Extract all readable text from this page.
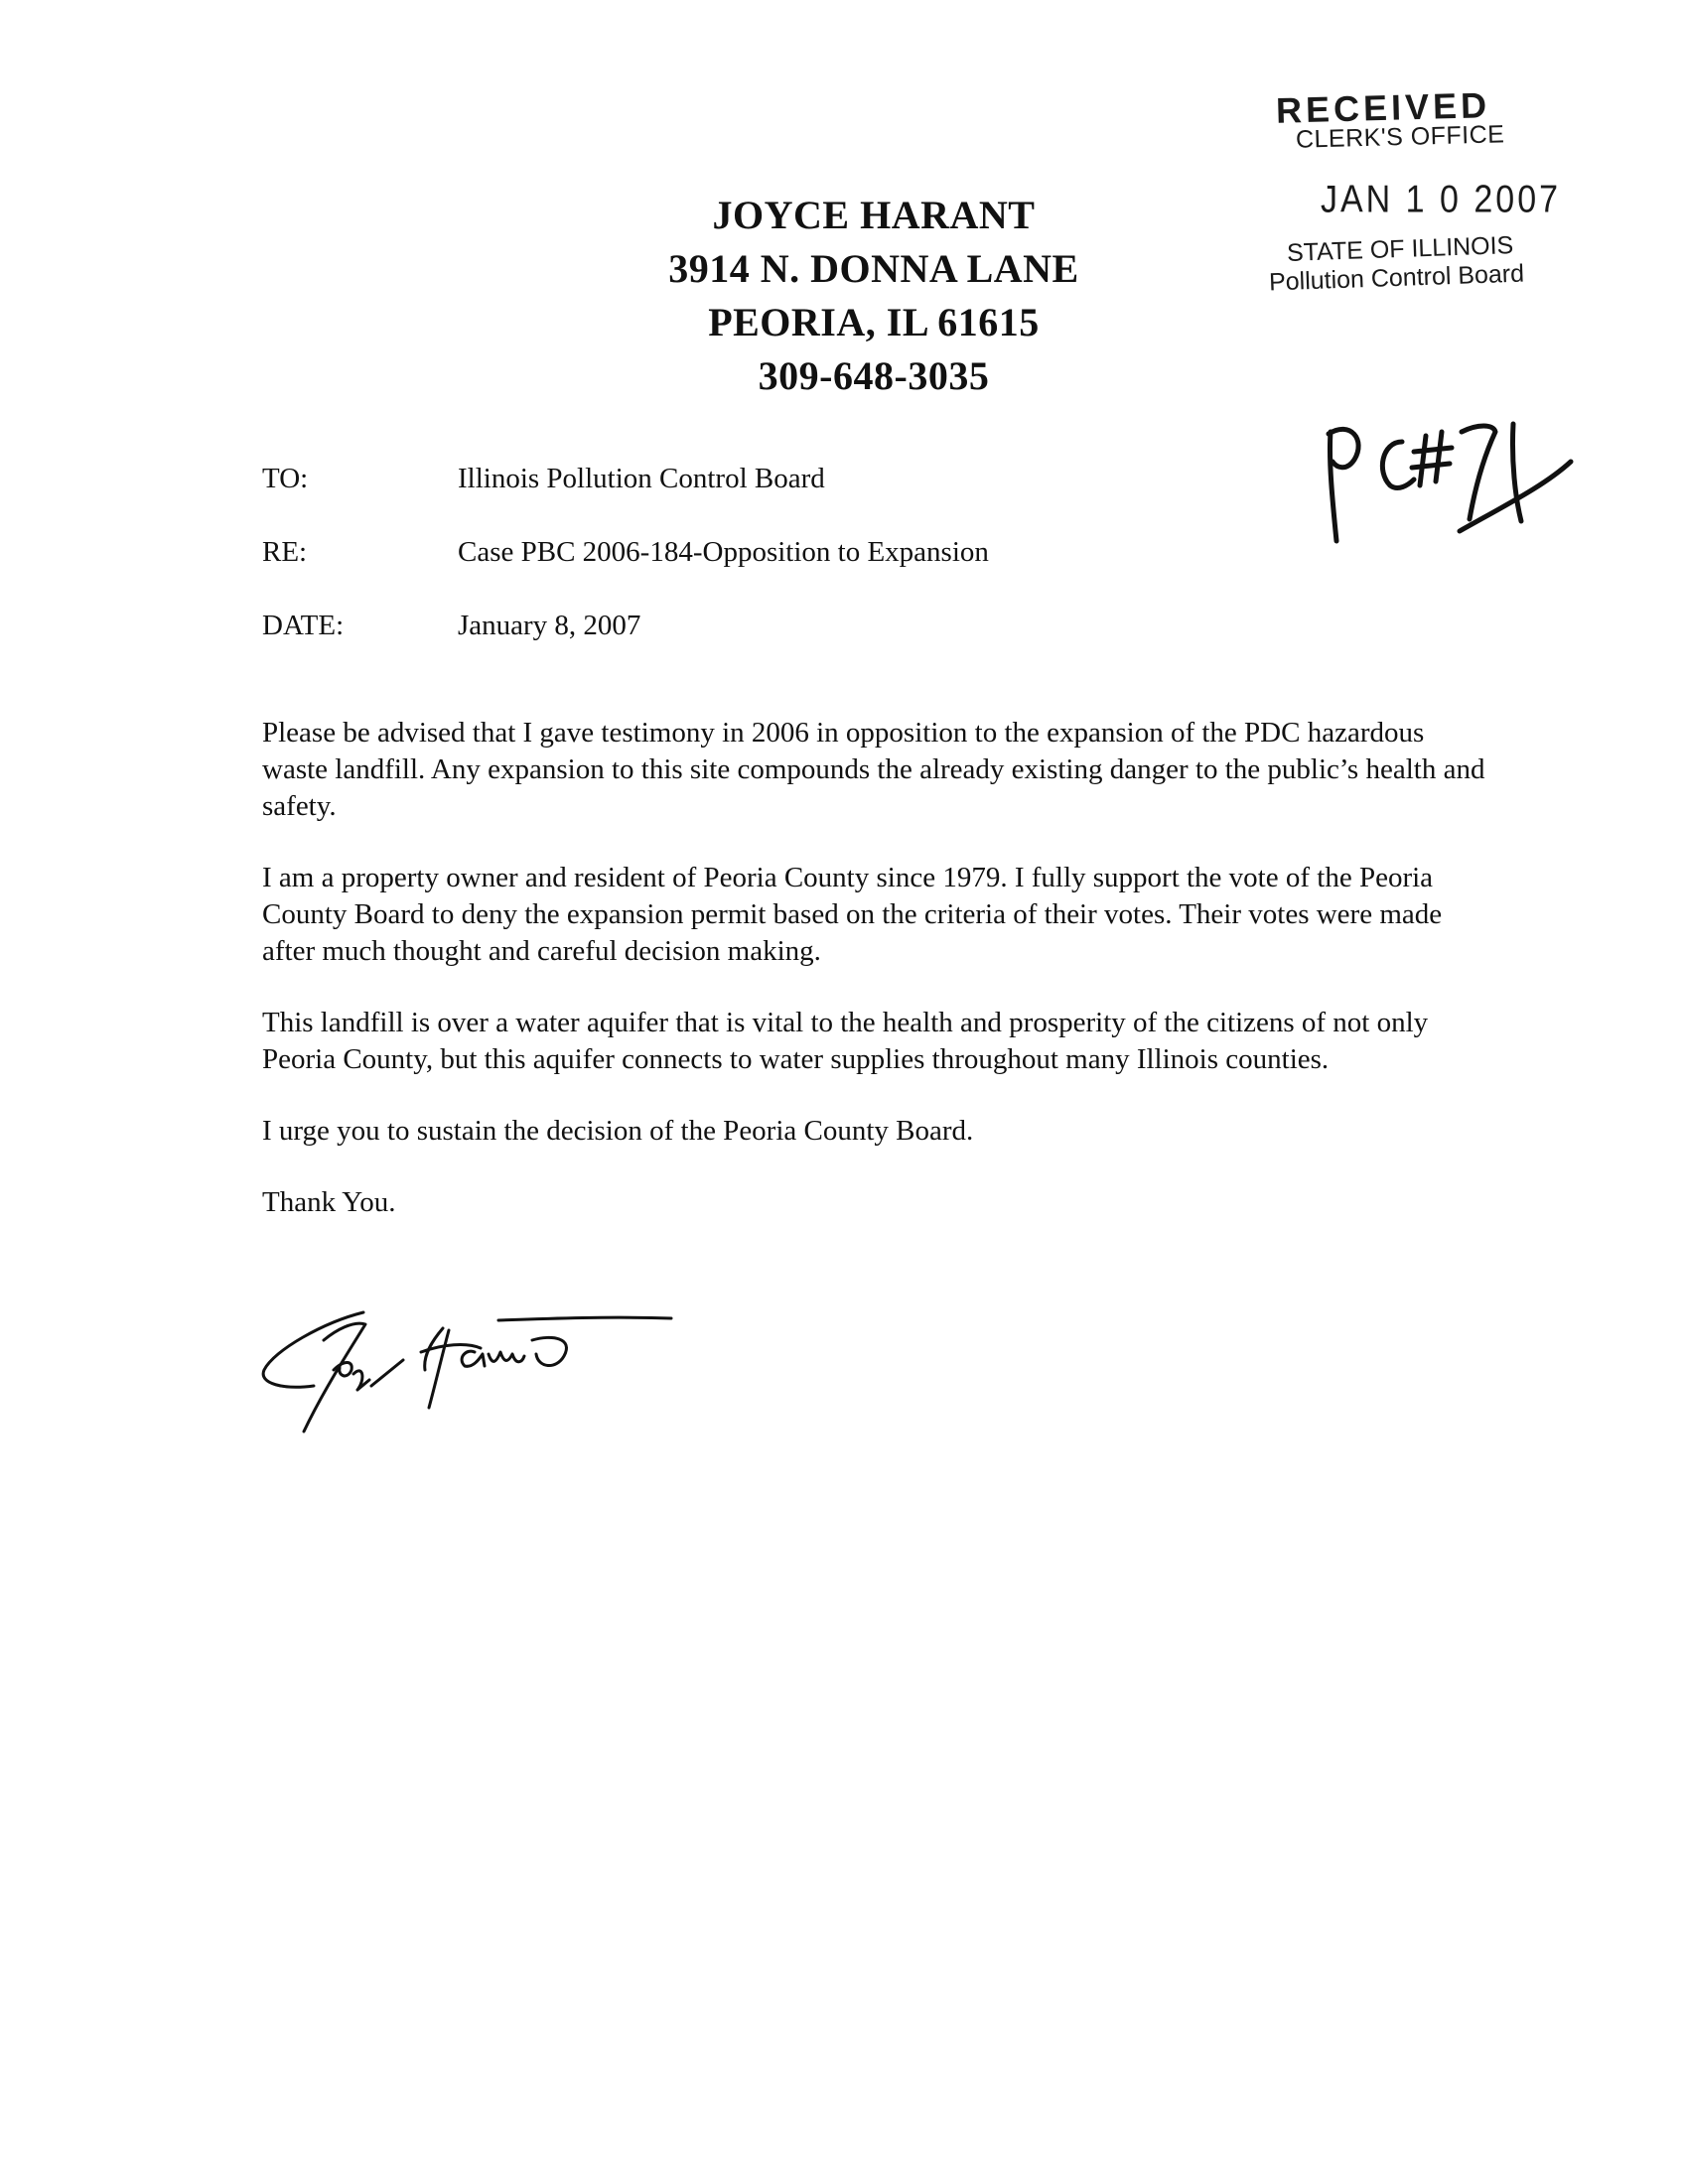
JOYCE HARANT
3914 N. DONNA LANE
PEORIA, IL 61615
309-648-3035
RECEIVED
CLERK'S OFFICE
JAN 1 0 2007
STATE OF ILLINOIS
Pollution Control Board
TO:	Illinois Pollution Control Board
RE:	Case PBC 2006-184-Opposition to Expansion
DATE:	January 8, 2007

Please be advised that I gave testimony in 2006 in opposition to the expansion of the PDC hazardous waste landfill. Any expansion to this site compounds the already existing danger to the public’s health and safety.

I am a property owner and resident of Peoria County since 1979. I fully support the vote of the Peoria County Board to deny the expansion permit based on the criteria of their votes. Their votes were made after much thought and careful decision making.

This landfill is over a water aquifer that is vital to the health and prosperity of the citizens of not only Peoria County, but this aquifer connects to water supplies throughout many Illinois counties.

I urge you to sustain the decision of the Peoria County Board.

Thank You.
